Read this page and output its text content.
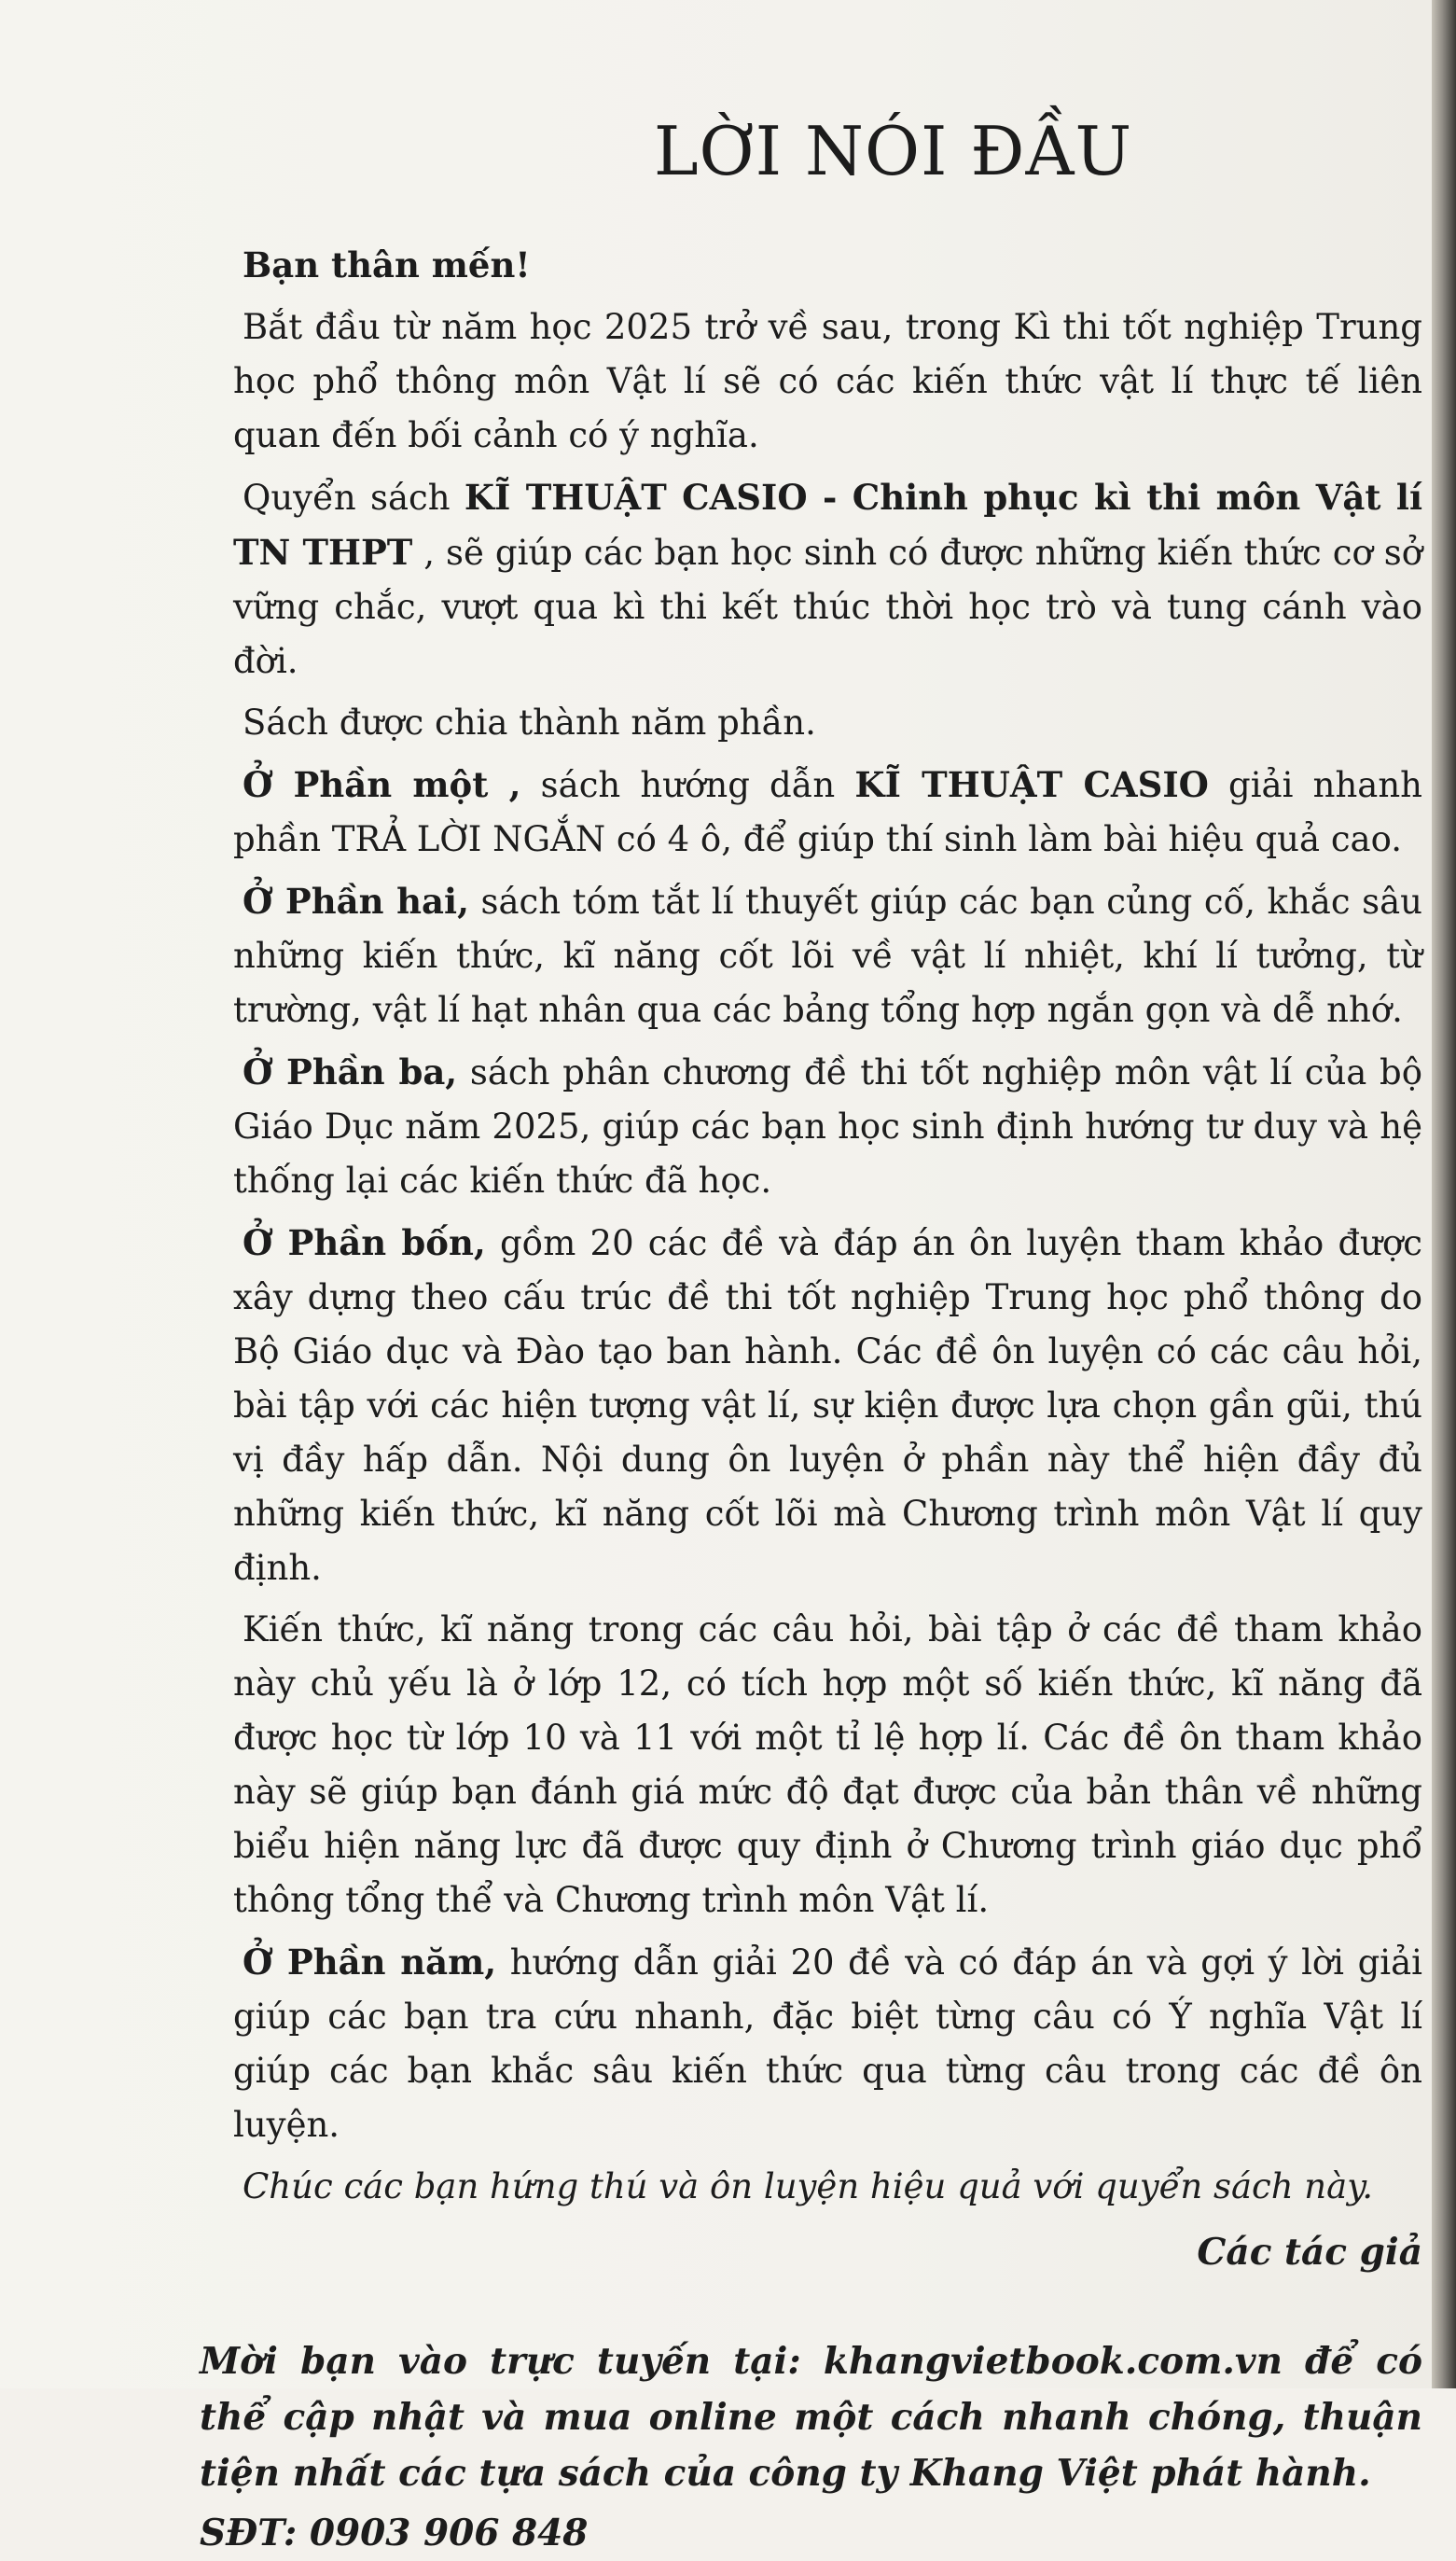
LỜI NÓI ĐẦU
Bạn thân mến!

Bắt đầu từ năm học 2025 trở về sau, trong Kì thi tốt nghiệp Trung học phổ thông môn Vật lí sẽ có các kiến thức vật lí thực tế liên quan đến bối cảnh có ý nghĩa.

Quyển sách KĨ THUẬT CASIO - Chinh phục kì thi môn Vật lí TN THPT , sẽ giúp các bạn học sinh có được những kiến thức cơ sở vững chắc, vượt qua kì thi kết thúc thời học trò và tung cánh vào đời.

Sách được chia thành năm phần.

Ở Phần một , sách hướng dẫn KĨ THUẬT CASIO giải nhanh phần TRẢ LỜI NGẮN có 4 ô, để giúp thí sinh làm bài hiệu quả cao.

Ở Phần hai, sách tóm tắt lí thuyết giúp các bạn củng cố, khắc sâu những kiến thức, kĩ năng cốt lõi về vật lí nhiệt, khí lí tưởng, từ trường, vật lí hạt nhân qua các bảng tổng hợp ngắn gọn và dễ nhớ.

Ở Phần ba, sách phân chương đề thi tốt nghiệp môn vật lí của bộ Giáo Dục năm 2025, giúp các bạn học sinh định hướng tư duy và hệ thống lại các kiến thức đã học.

Ở Phần bốn, gồm 20 các đề và đáp án ôn luyện tham khảo được xây dựng theo cấu trúc đề thi tốt nghiệp Trung học phổ thông do Bộ Giáo dục và Đào tạo ban hành. Các đề ôn luyện có các câu hỏi, bài tập với các hiện tượng vật lí, sự kiện được lựa chọn gần gũi, thú vị đầy hấp dẫn. Nội dung ôn luyện ở phần này thể hiện đầy đủ những kiến thức, kĩ năng cốt lõi mà Chương trình môn Vật lí quy định.

Kiến thức, kĩ năng trong các câu hỏi, bài tập ở các đề tham khảo này chủ yếu là ở lớp 12, có tích hợp một số kiến thức, kĩ năng đã được học từ lớp 10 và 11 với một tỉ lệ hợp lí. Các đề ôn tham khảo này sẽ giúp bạn đánh giá mức độ đạt được của bản thân về những biểu hiện năng lực đã được quy định ở Chương trình giáo dục phổ thông tổng thể và Chương trình môn Vật lí.

Ở Phần năm, hướng dẫn giải 20 đề và có đáp án và gợi ý lời giải giúp các bạn tra cứu nhanh, đặc biệt từng câu có Ý nghĩa Vật lí giúp các bạn khắc sâu kiến thức qua từng câu trong các đề ôn luyện.

Chúc các bạn hứng thú và ôn luyện hiệu quả với quyển sách này.

Các tác giả

Mời bạn vào trực tuyến tại: khangvietbook.com.vn để có thể cập nhật và mua online một cách nhanh chóng, thuận tiện nhất các tựa sách của công ty Khang Việt phát hành.

SĐT: 0903 906 848
